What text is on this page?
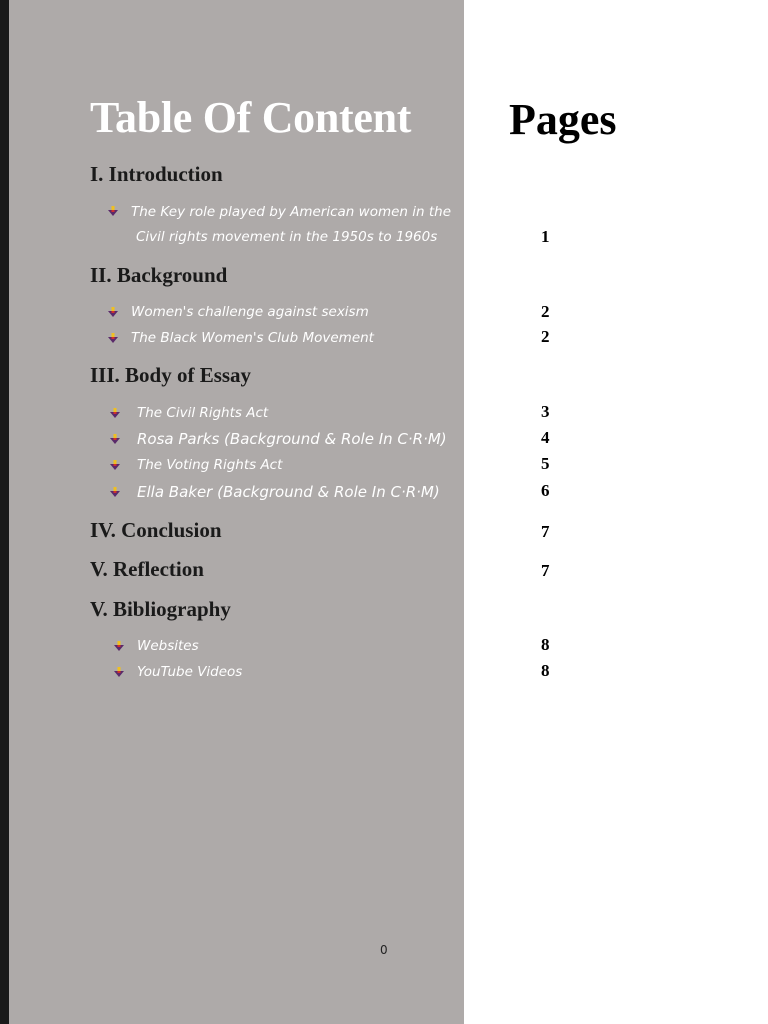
Table Of Content Pages
I. Introduction
The Key role played by American women in the
Civil rights movement in the 1950s to 1960s	1
II. Background
Women's challenge against sexism	2
The Black Women's Club Movement	2
III. Body of Essay
The Civil Rights Act	3
Rosa Parks (Background & Role In C·R·M)	4
The Voting Rights Act	5
Ella Baker (Background & Role In C·R·M)	6
IV. Conclusion	7
V. Reflection	7
V. Bibliography
Websites	8
YouTube Videos	8
0
